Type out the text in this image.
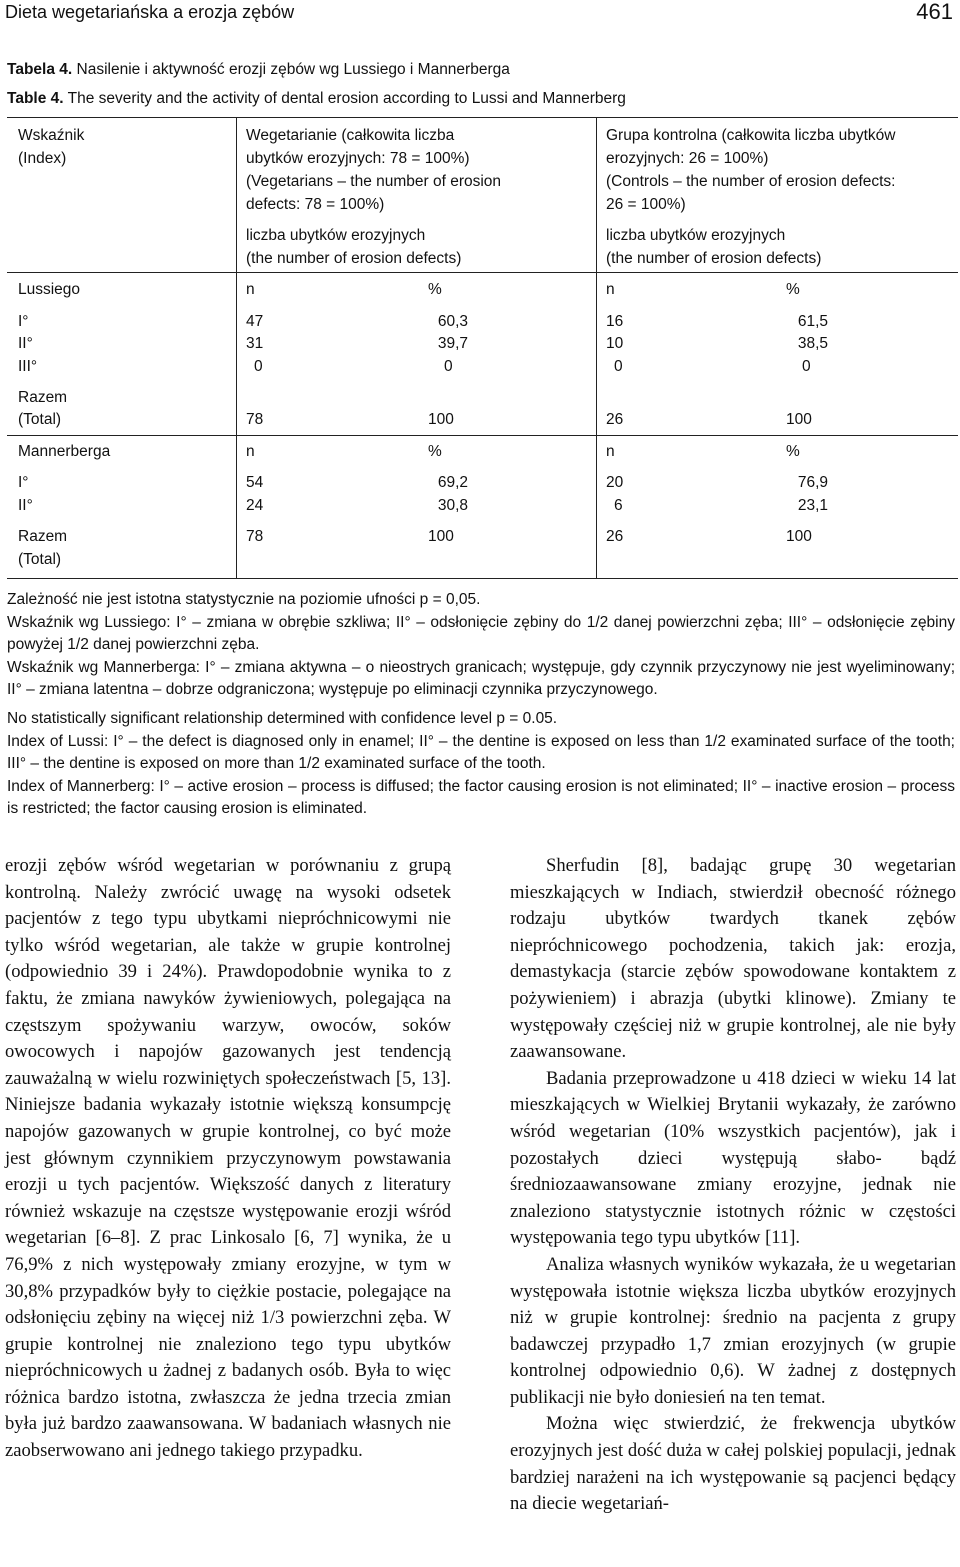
Dieta wegetariańska a erozja zębów	461
Tabela 4. Nasilenie i aktywność erozji zębów wg Lussiego i Mannerberga
Table 4. The severity and the activity of dental erosion according to Lussi and Mannerberg
Wskaźnik
(Index)
Wegetarianie (całkowita liczba
ubytków erozyjnych: 78 = 100%)
(Vegetarians – the number of erosion
defects: 78 = 100%)
liczba ubytków erozyjnych
(the number of erosion defects)
Grupa kontrolna (całkowita liczba ubytków
erozyjnych: 26 = 100%)
(Controls – the number of erosion defects:
26 = 100%)
liczba ubytków erozyjnych
(the number of erosion defects)
Lussiego	n	%	n	%
I°	47	60,3	16	61,5
II°	31	39,7	10	38,5
III°	0	0	0	0
Razem
(Total)	78	100	26	100
Mannerberga	n	%	n	%
I°	54	69,2	20	76,9
II°	24	30,8	6	23,1
Razem
(Total)
78	100	26	100

Zależność nie jest istotna statystycznie na poziomie ufności p = 0,05.

Wskaźnik wg Lussiego: I° – zmiana w obrębie szkliwa; II° – odsłonięcie zębiny do 1/2 danej powierzchni zęba; III° – odsłonięcie zębiny powyżej 1/2 danej powierzchni zęba.

Wskaźnik wg Mannerberga: I° – zmiana aktywna – o nieostrych granicach; występuje, gdy czynnik przyczynowy nie jest wyeliminowany; II° – zmiana latentna – dobrze odgraniczona; występuje po eliminacji czynnika przyczynowego.

No statistically significant relationship determined with confidence level p = 0.05.

Index of Lussi: I° – the defect is diagnosed only in enamel; II° – the dentine is exposed on less than 1/2 examinated surface of the tooth; III° – the dentine is exposed on more than 1/2 examinated surface of the tooth.

Index of Mannerberg: I° – active erosion – process is diffused; the factor causing erosion is not eliminated; II° – inactive erosion – process is restricted; the factor causing erosion is eliminated.

erozji zębów wśród wegetarian w porównaniu z grupą kontrolną. Należy zwrócić uwagę na wysoki odsetek pacjentów z tego typu ubytkami niepróchnicowymi nie tylko wśród wegetarian, ale także w grupie kontrolnej (odpowiednio 39 i 24%). Prawdopodobnie wynika to z faktu, że zmiana nawyków żywieniowych, polegająca na częstszym spożywaniu warzyw, owoców, soków owocowych i napojów gazowanych jest tendencją zauważalną w wielu rozwiniętych społeczeństwach [5, 13]. Niniejsze badania wykazały istotnie większą konsumpcję napojów gazowanych w grupie kontrolnej, co być może jest głównym czynnikiem przyczynowym powstawania erozji u tych pacjentów. Większość danych z literatury również wskazuje na częstsze występowanie erozji wśród wegetarian [6–8]. Z prac Linkosalo [6, 7] wynika, że u 76,9% z nich występowały zmiany erozyjne, w tym w 30,8% przypadków były to ciężkie postacie, polegające na odsłonięciu zębiny na więcej niż 1/3 powierzchni zęba. W grupie kontrolnej nie znaleziono tego typu ubytków niepróchnicowych u żadnej z badanych osób. Była to więc różnica bardzo istotna, zwłaszcza że jedna trzecia zmian była już bardzo zaawansowana. W badaniach własnych nie zaobserwowano ani jednego takiego przypadku.

Sherfudin [8], badając grupę 30 wegetarian mieszkających w Indiach, stwierdził obecność różnego rodzaju ubytków twardych tkanek zębów niepróchnicowego pochodzenia, takich jak: erozja, demastykacja (starcie zębów spowodowane kontaktem z pożywieniem) i abrazja (ubytki klinowe). Zmiany te występowały częściej niż w grupie kontrolnej, ale nie były zaawansowane.

Badania przeprowadzone u 418 dzieci w wieku 14 lat mieszkających w Wielkiej Brytanii wykazały, że zarówno wśród wegetarian (10% wszystkich pacjentów), jak i pozostałych dzieci występują słabo- bądź średniozaawansowane zmiany erozyjne, jednak nie znaleziono statystycznie istotnych różnic w częstości występowania tego typu ubytków [11].

Analiza własnych wyników wykazała, że u wegetarian występowała istotnie większa liczba ubytków erozyjnych niż w grupie kontrolnej: średnio na pacjenta z grupy badawczej przypadło 1,7 zmian erozyjnych (w grupie kontrolnej odpowiednio 0,6). W żadnej z dostępnych publikacji nie było doniesień na ten temat.

Można więc stwierdzić, że frekwencja ubytków erozyjnych jest dość duża w całej polskiej populacji, jednak bardziej narażeni na ich występowanie są pacjenci będący na diecie wegetariań-
